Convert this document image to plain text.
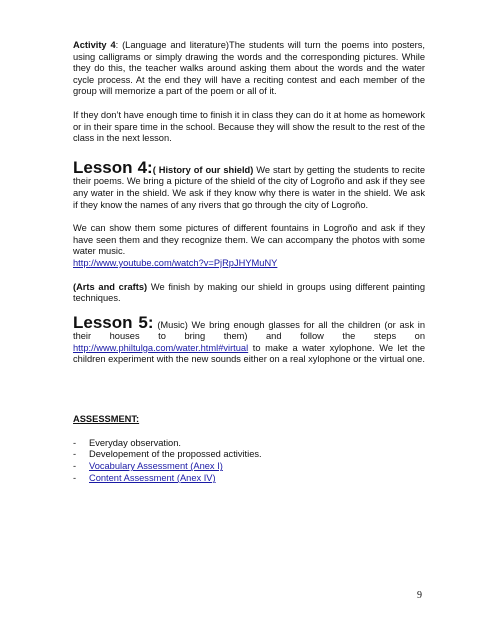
Activity 4: (Language and literature)The students will turn the poems into posters, using calligrams or simply drawing the words and the corresponding pictures. While they do this, the teacher walks around asking them about the words and the water cycle process. At the end they will have a reciting contest and each member of the group will memorize a part of the poem or all of it.

If they don’t have enough time to finish it in class they can do it at home as homework or in their spare time in the school. Because they will show the result to the rest of the class in the next lesson.

Lesson 4:( History of our shield) We start by getting the students to recite their poems. We bring a picture of the shield of the city of Logroño and ask if they see any water in the shield. We ask if they know why there is water in the shield. We ask if they know the names of any rivers that go through the city of Logroño.

We can show them some pictures of different fountains in Logroño and ask if they have seen them and they recognize them. We can accompany the photos with some water music.
http://www.youtube.com/watch?v=PjRpJHYMuNY

(Arts and crafts) We finish by making our shield in groups using different painting techniques.

Lesson 5: (Music) We bring enough glasses for all the children (or ask in their houses to bring them) and follow the steps on http://www.philtulga.com/water.html#virtual to make a water xylophone. We let the children experiment with the new sounds either on a real xylophone or the virtual one.

ASSESSMENT:

- Everyday observation.
- Developement of the propossed activities.
- Vocabulary Assessment (Anex I)
- Content Assessment (Anex IV)
9
